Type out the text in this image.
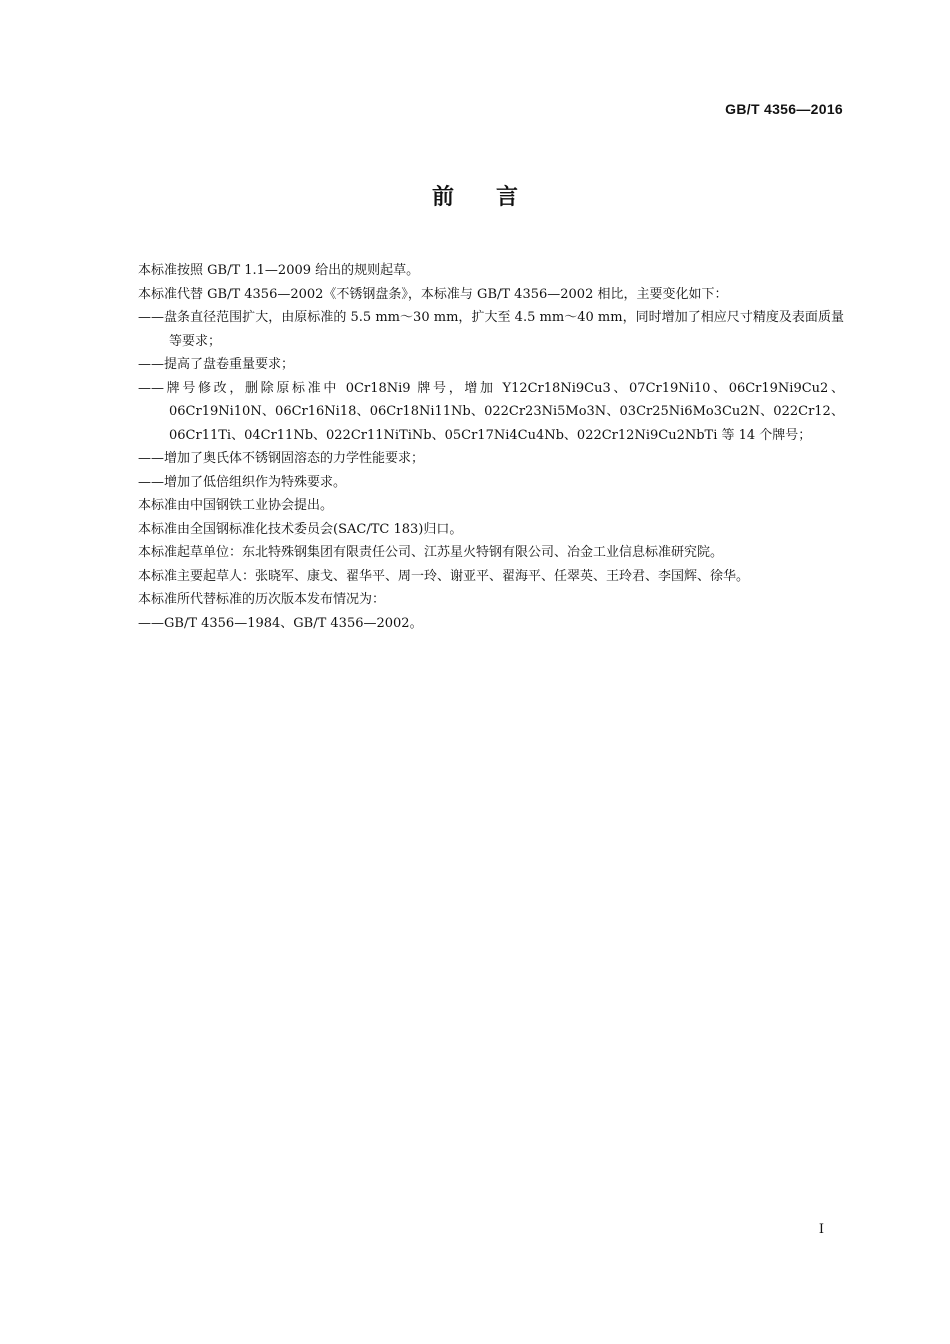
GB/T 4356—2016
前言

本标准按照 GB/T 1.1—2009 给出的规则起草。

本标准代替 GB/T 4356—2002《不锈钢盘条》，本标准与 GB/T 4356—2002 相比，主要变化如下：

——盘条直径范围扩大，由原标准的 5.5 mm～30 mm，扩大至 4.5 mm～40 mm，同时增加了相应尺寸精度及表面质量等要求；

——提高了盘卷重量要求；

——牌号修改，删除原标准中 0Cr18Ni9 牌号，增加 Y12Cr18Ni9Cu3、07Cr19Ni10、06Cr19Ni9Cu2、06Cr19Ni10N、06Cr16Ni18、06Cr18Ni11Nb、022Cr23Ni5Mo3N、03Cr25Ni6Mo3Cu2N、022Cr12、06Cr11Ti、04Cr11Nb、022Cr11NiTiNb、05Cr17Ni4Cu4Nb、022Cr12Ni9Cu2NbTi 等 14 个牌号；

——增加了奥氏体不锈钢固溶态的力学性能要求；

——增加了低倍组织作为特殊要求。

本标准由中国钢铁工业协会提出。

本标准由全国钢标准化技术委员会(SAC/TC 183)归口。

本标准起草单位：东北特殊钢集团有限责任公司、江苏星火特钢有限公司、冶金工业信息标准研究院。

本标准主要起草人：张晓军、康戈、翟华平、周一玲、谢亚平、翟海平、任翠英、王玲君、李国辉、徐华。

本标准所代替标准的历次版本发布情况为：

——GB/T 4356—1984、GB/T 4356—2002。

I
